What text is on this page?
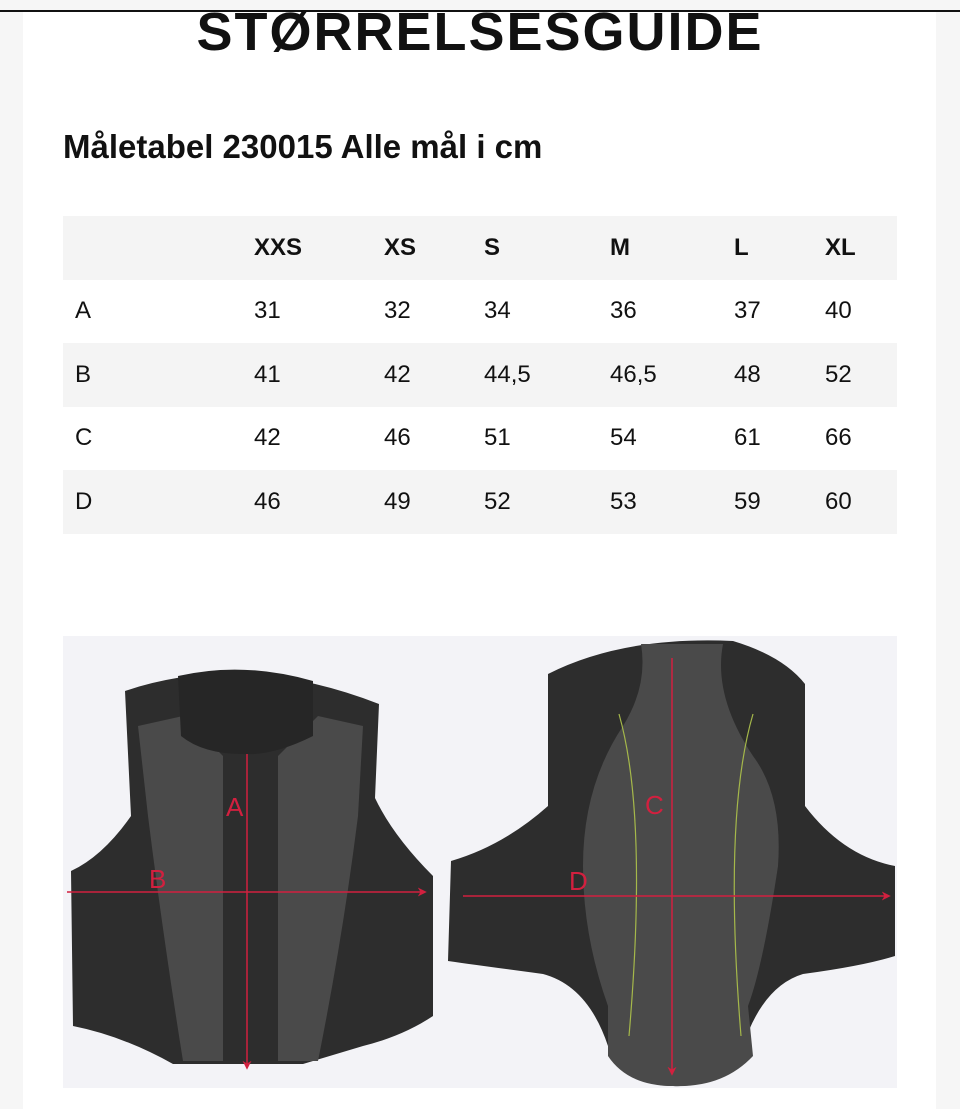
STØRRELSESGUIDE
Måletabel 230015 Alle mål i cm
	XXS	XS	S	M	L	XL
A	31	32	34	36	37	40
B	41	42	44,5	46,5	48	52
C	42	46	51	54	61	66
D	46	49	52	53	59	60
A
B
C
D
